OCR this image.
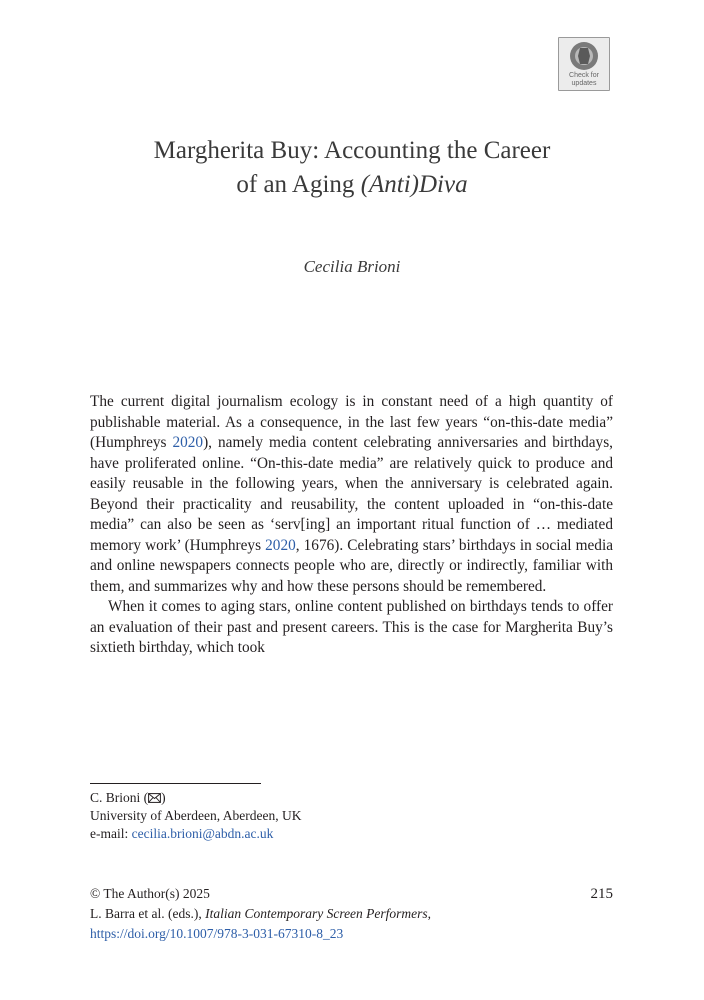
Check for
updates
Margherita Buy: Accounting the Career
of an Aging (Anti)Diva
Cecilia Brioni

The current digital journalism ecology is in constant need of a high quantity of publishable material. As a consequence, in the last few years “on-this-date media” (Humphreys 2020), namely media content celebrating anniversaries and birthdays, have proliferated online. “On-this-date media” are relatively quick to produce and easily reusable in the following years, when the anniversary is celebrated again. Beyond their practicality and reusability, the content uploaded in “on-this-date media” can also be seen as ‘serv[ing] an important ritual function of … mediated memory work’ (Humphreys 2020, 1676). Celebrating stars’ birthdays in social media and online newspapers connects people who are, directly or indirectly, familiar with them, and summarizes why and how these persons should be remembered.

When it comes to aging stars, online content published on birthdays tends to offer an evaluation of their past and present careers. This is the case for Margherita Buy’s sixtieth birthday, which took

C. Brioni ( )
University of Aberdeen, Aberdeen, UK
e-mail: cecilia.brioni@abdn.ac.uk
© The Author(s) 2025	215
L. Barra et al. (eds.), Italian Contemporary Screen Performers,
https://doi.org/10.1007/978-3-031-67310-8_23
